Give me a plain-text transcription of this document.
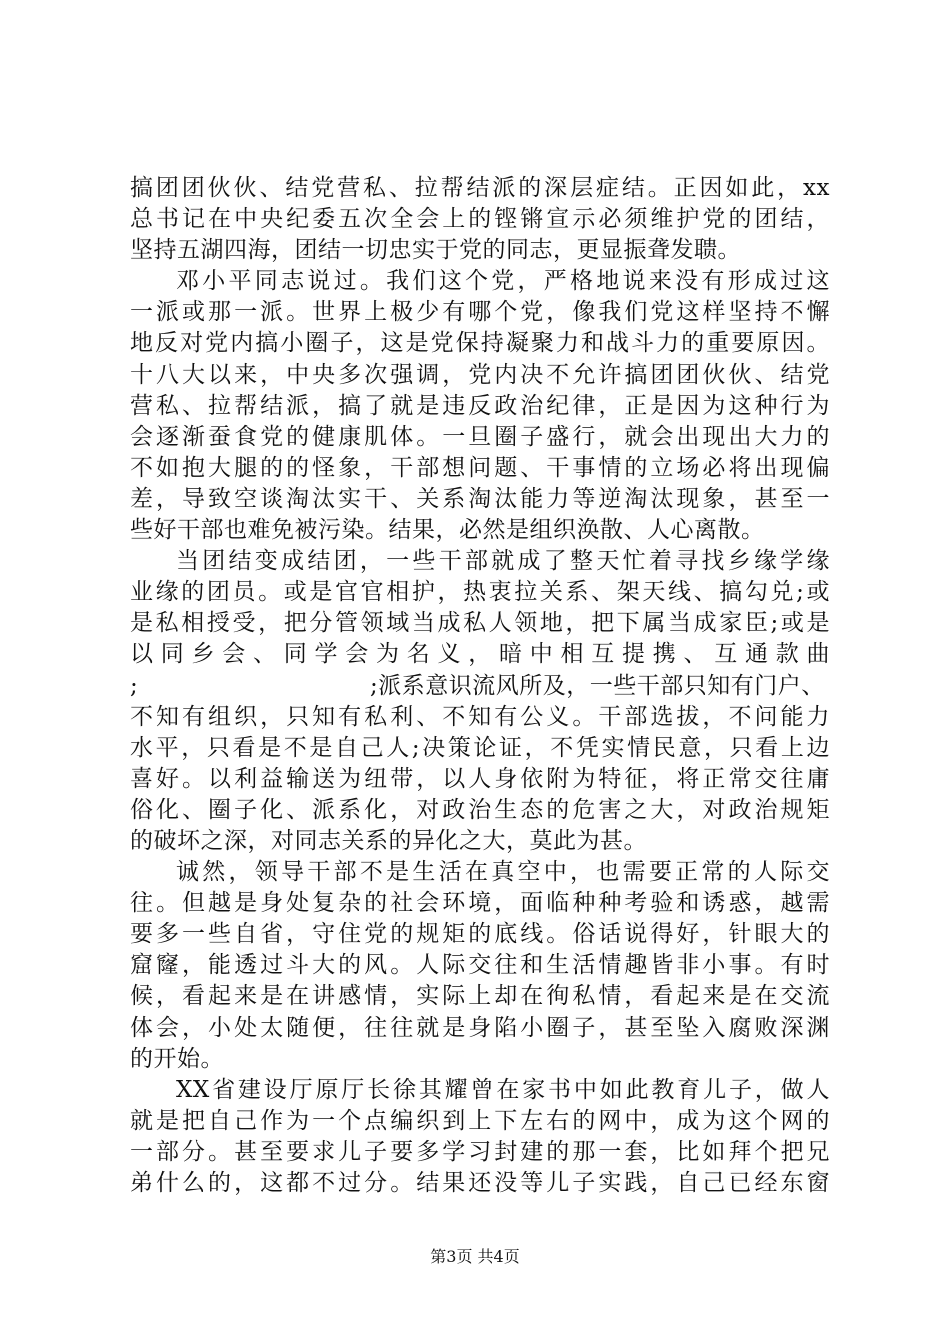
搞团团伙伙、结党营私、拉帮结派的深层症结。正因如此，xx
总书记在中央纪委五次全会上的铿锵宣示必须维护党的团结，
坚持五湖四海，团结一切忠实于党的同志，更显振聋发聩。
邓小平同志说过。我们这个党，严格地说来没有形成过这
一派或那一派。世界上极少有哪个党，像我们党这样坚持不懈
地反对党内搞小圈子，这是党保持凝聚力和战斗力的重要原因。
十八大以来，中央多次强调，党内决不允许搞团团伙伙、结党
营私、拉帮结派，搞了就是违反政治纪律，正是因为这种行为
会逐渐蚕食党的健康肌体。一旦圈子盛行，就会出现出大力的
不如抱大腿的的怪象，干部想问题、干事情的立场必将出现偏
差，导致空谈淘汰实干、关系淘汰能力等逆淘汰现象，甚至一
些好干部也难免被污染。结果，必然是组织涣散、人心离散。
当团结变成结团，一些干部就成了整天忙着寻找乡缘学缘
业缘的团员。或是官官相护，热衷拉关系、架天线、搞勾兑;或
是私相授受，把分管领域当成私人领地，把下属当成家臣;或是
以同乡会、同学会为名义，暗中相互提携、互通款曲
;	;派系意识流风所及，一些干部只知有门户、
不知有组织，只知有私利、不知有公义。干部选拔，不问能力
水平，只看是不是自己人;决策论证，不凭实情民意，只看上边
喜好。以利益输送为纽带，以人身依附为特征，将正常交往庸
俗化、圈子化、派系化，对政治生态的危害之大，对政治规矩
的破坏之深，对同志关系的异化之大，莫此为甚。
诚然，领导干部不是生活在真空中，也需要正常的人际交
往。但越是身处复杂的社会环境，面临种种考验和诱惑，越需
要多一些自省，守住党的规矩的底线。俗话说得好，针眼大的
窟窿，能透过斗大的风。人际交往和生活情趣皆非小事。有时
候，看起来是在讲感情，实际上却在徇私情，看起来是在交流
体会，小处太随便，往往就是身陷小圈子，甚至坠入腐败深渊
的开始。
XX省建设厅原厅长徐其耀曾在家书中如此教育儿子，做人
就是把自己作为一个点编织到上下左右的网中，成为这个网的
一部分。甚至要求儿子要多学习封建的那一套，比如拜个把兄
弟什么的，这都不过分。结果还没等儿子实践，自己已经东窗
第3页 共4页
